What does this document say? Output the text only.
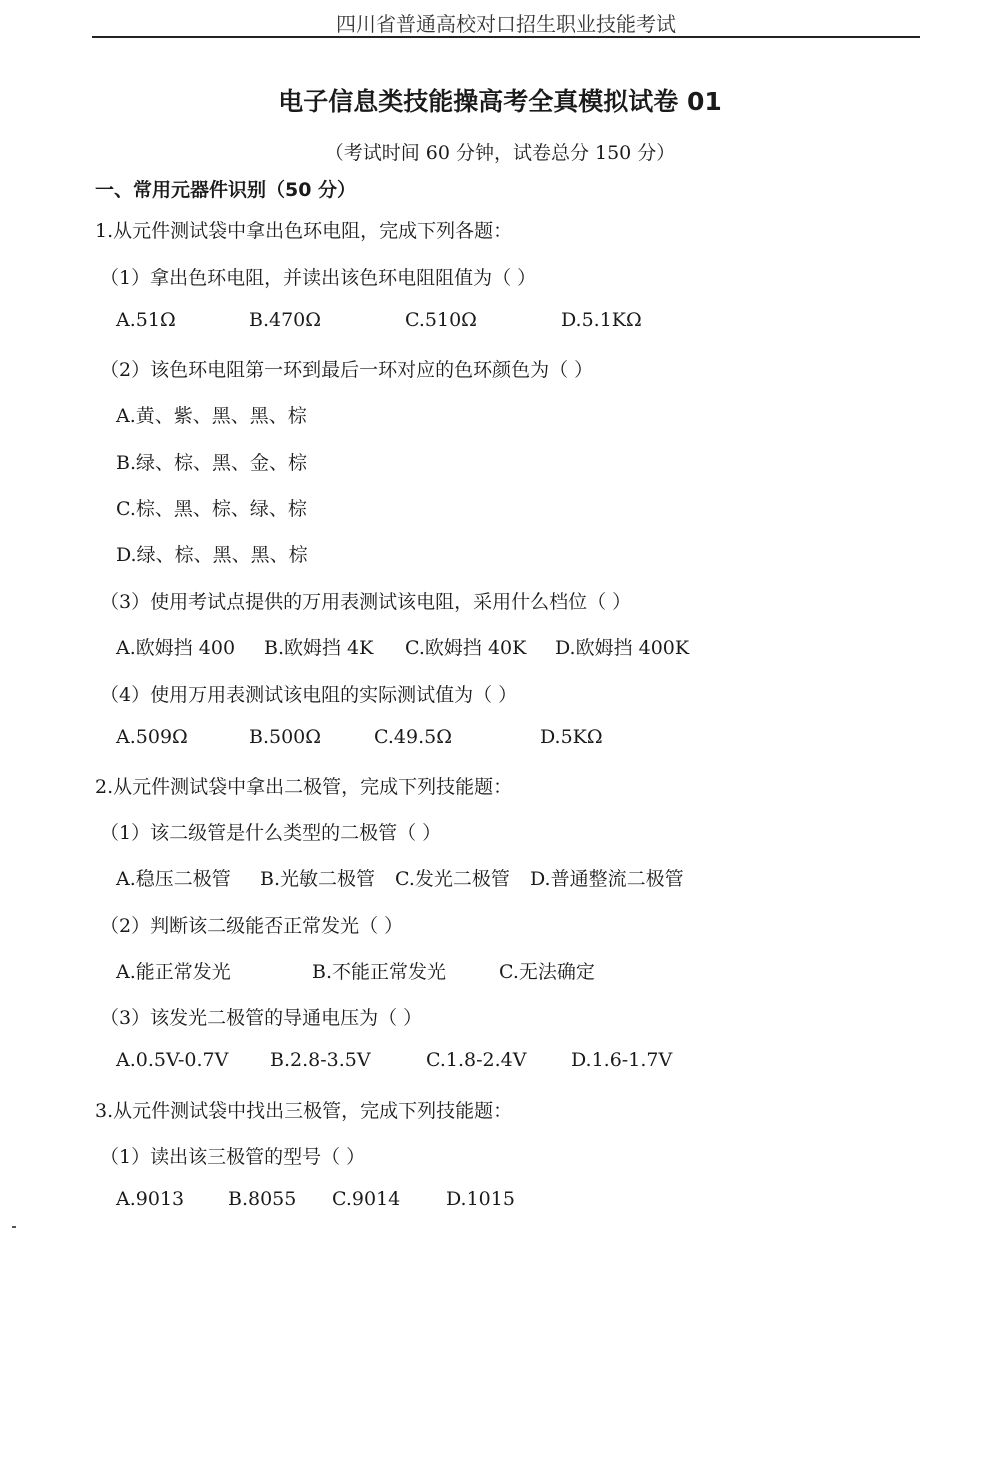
四川省普通高校对口招生职业技能考试
电子信息类技能操高考全真模拟试卷 01
（考试时间 60 分钟，试卷总分 150 分）
一、常用元器件识别（50 分）
1.从元件测试袋中拿出色环电阻，完成下列各题：
（1）拿出色环电阻，并读出该色环电阻阻值为（ ）
A.51Ω	B.470Ω	C.510Ω	D.5.1KΩ
（2）该色环电阻第一环到最后一环对应的色环颜色为（ ）
A.黄、紫、黑、黑、棕
B.绿、棕、黑、金、棕
C.棕、黑、棕、绿、棕
D.绿、棕、黑、黑、棕
（3）使用考试点提供的万用表测试该电阻，采用什么档位（ ）
A.欧姆挡 400 B.欧姆挡 4K C.欧姆挡 40K D.欧姆挡 400K
（4）使用万用表测试该电阻的实际测试值为（ ）
A.509Ω	B.500Ω	C.49.5Ω	D.5KΩ
2.从元件测试袋中拿出二极管，完成下列技能题：
（1）该二级管是什么类型的二极管（ ）
A.稳压二极管 B.光敏二极管 C.发光二极管 D.普通整流二极管
（2）判断该二级能否正常发光（ ）
A.能正常发光	B.不能正常发光	C.无法确定
（3）该发光二极管的导通电压为（ ）
A.0.5V-0.7V B.2.8-3.5V	C.1.8-2.4V D.1.6-1.7V
3.从元件测试袋中找出三极管，完成下列技能题：
（1）读出该三极管的型号（ ）
A.9013 B.8055 C.9014 D.1015
